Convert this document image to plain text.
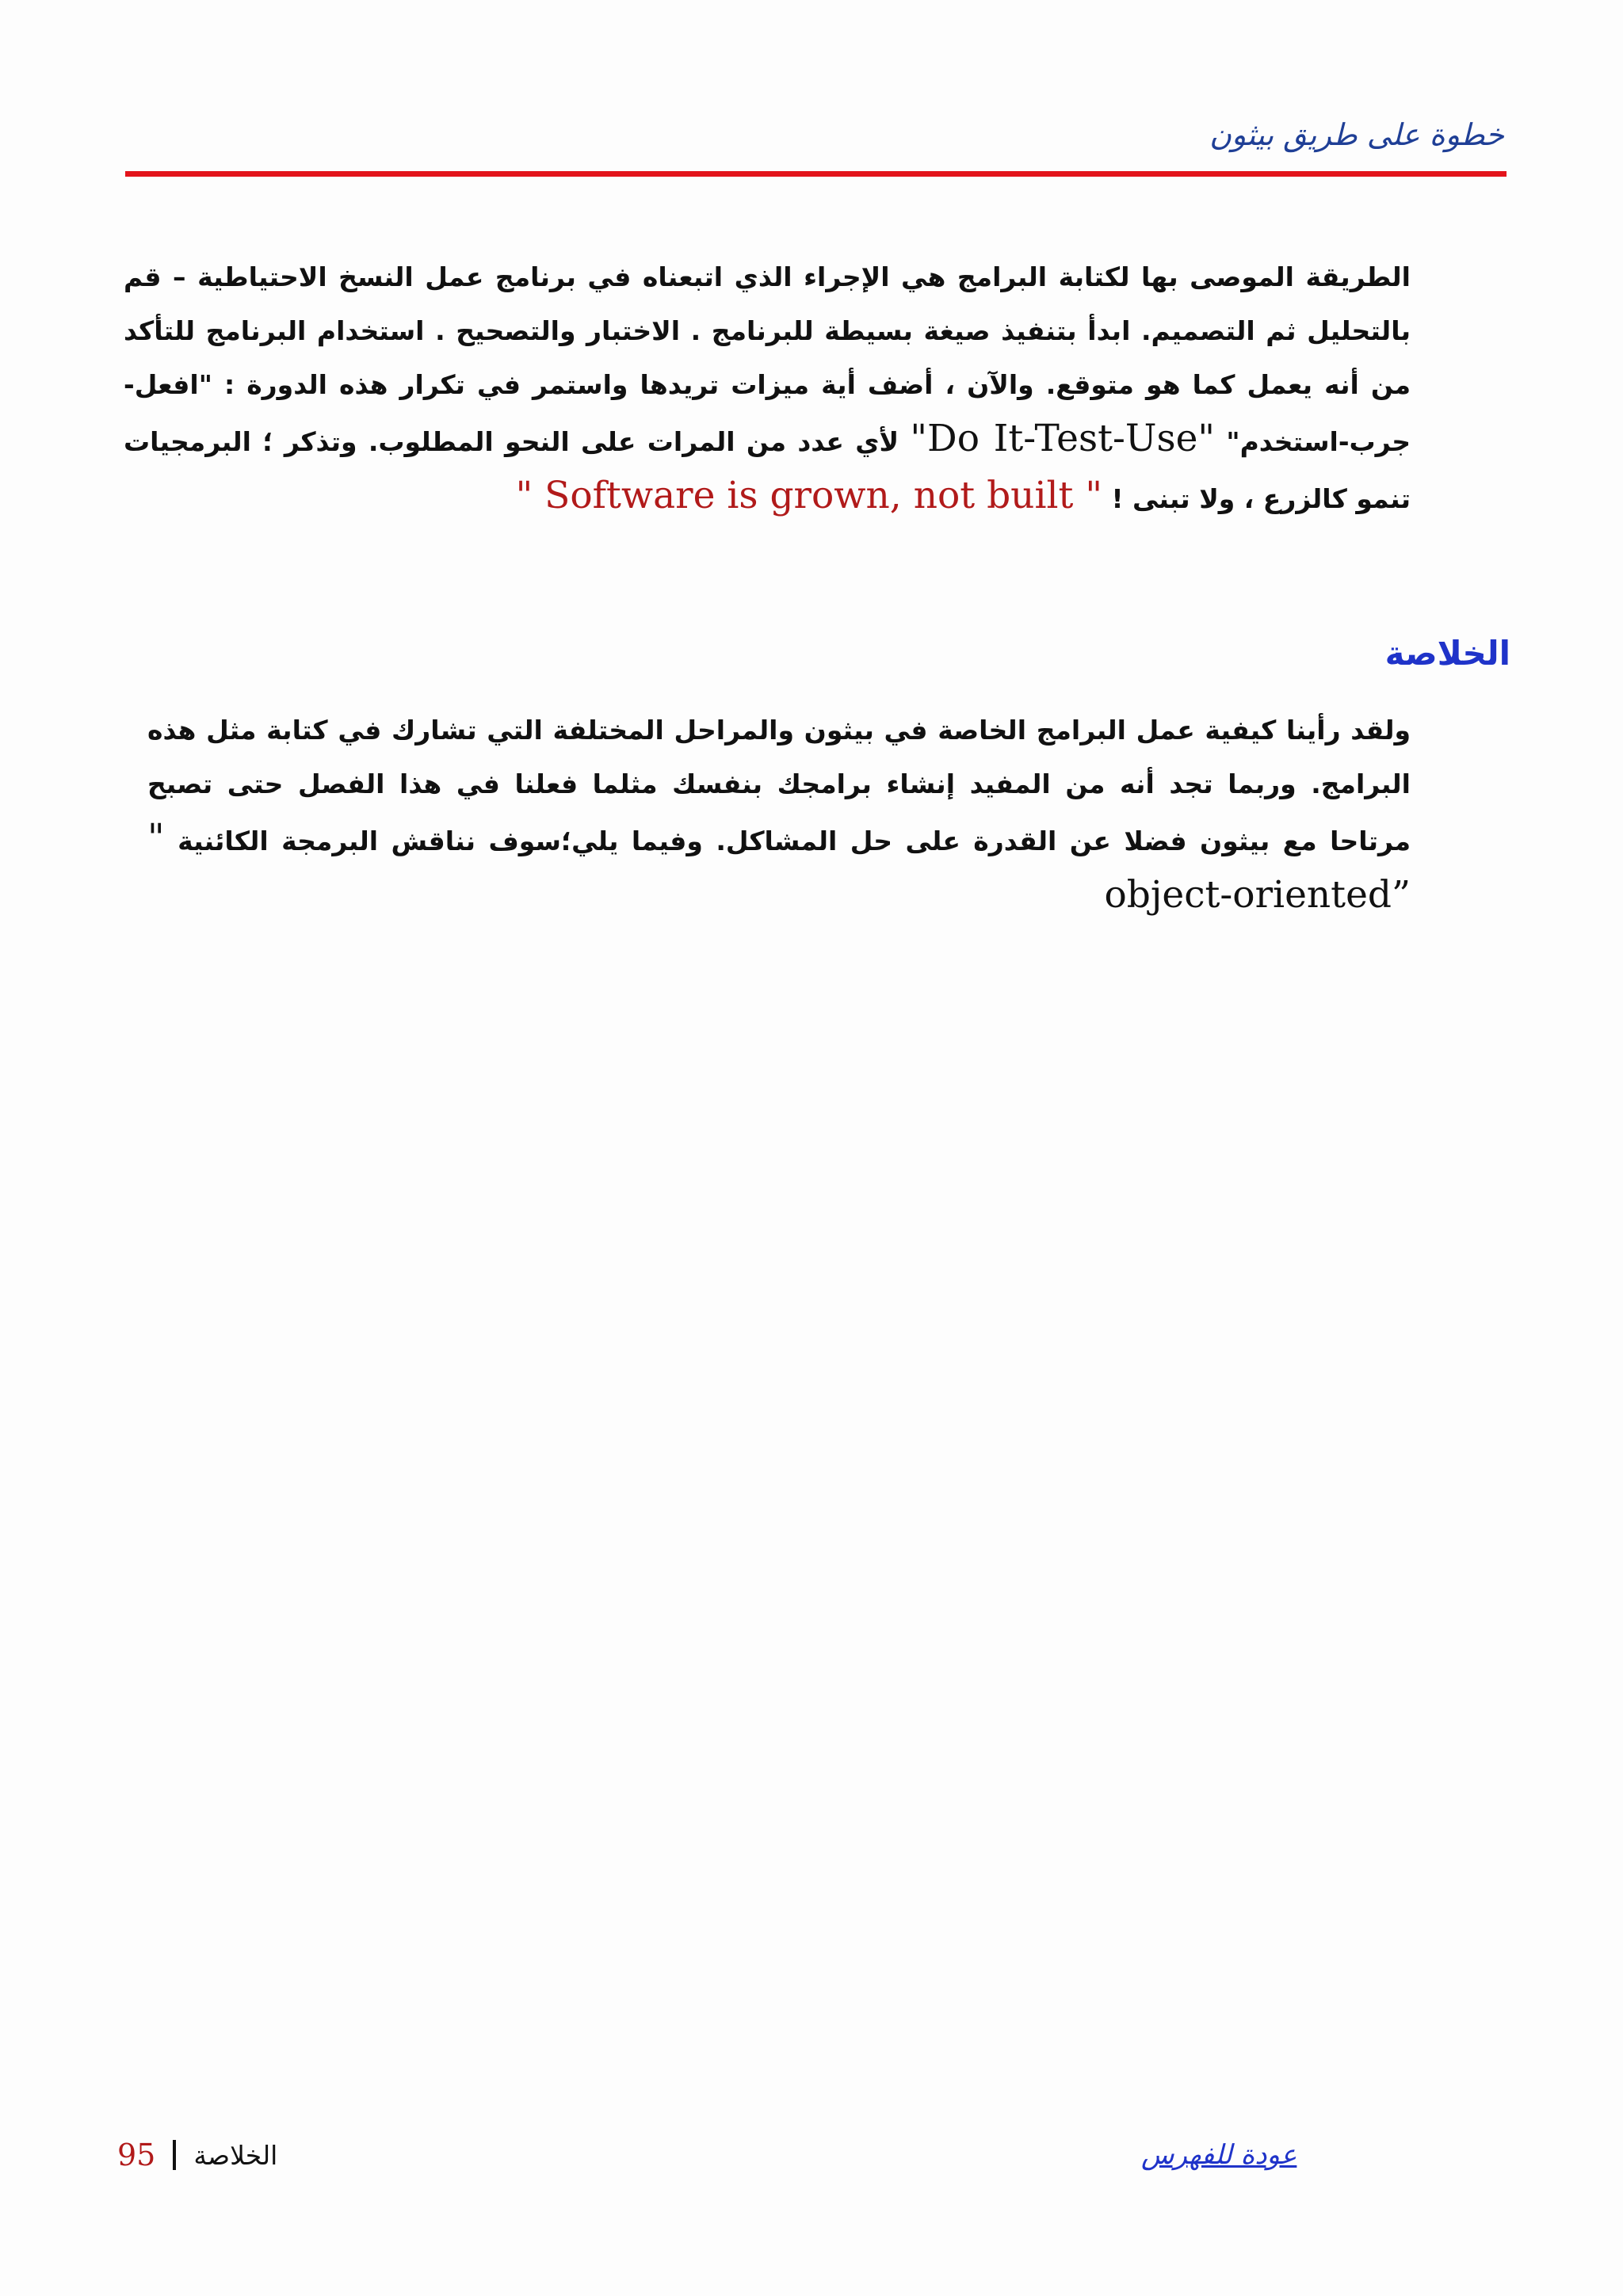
خطوة على طريق بيثون
الطريقة الموصى بها لكتابة البرامج هي الإجراء الذي اتبعناه في برنامج عمل النسخ الاحتياطية – قم بالتحليل ثم التصميم. ابدأ بتنفيذ صيغة بسيطة للبرنامج . الاختبار والتصحيح . استخدام البرنامج للتأكد من أنه يعمل كما هو متوقع. والآن ، أضف أية ميزات تريدها واستمر في تكرار هذه الدورة : "افعل-جرب-استخدم" "Do It-Test-Use" لأي عدد من المرات على النحو المطلوب. وتذكر ؛ البرمجيات تنمو كالزرع ، ولا تبنى ! " Software is grown, not built "
الخلاصة
ولقد رأينا كيفية عمل البرامج الخاصة في بيثون والمراحل المختلفة التي تشارك في كتابة مثل هذه البرامج. وربما تجد أنه من المفيد إنشاء برامجك بنفسك مثلما فعلنا في هذا الفصل حتى تصبح مرتاحا مع بيثون فضلا عن القدرة على حل المشاكل. وفيما يلي؛سوف نناقش البرمجة الكائنية " object-oriented”
95 الخلاصة	عودة للفهرس
